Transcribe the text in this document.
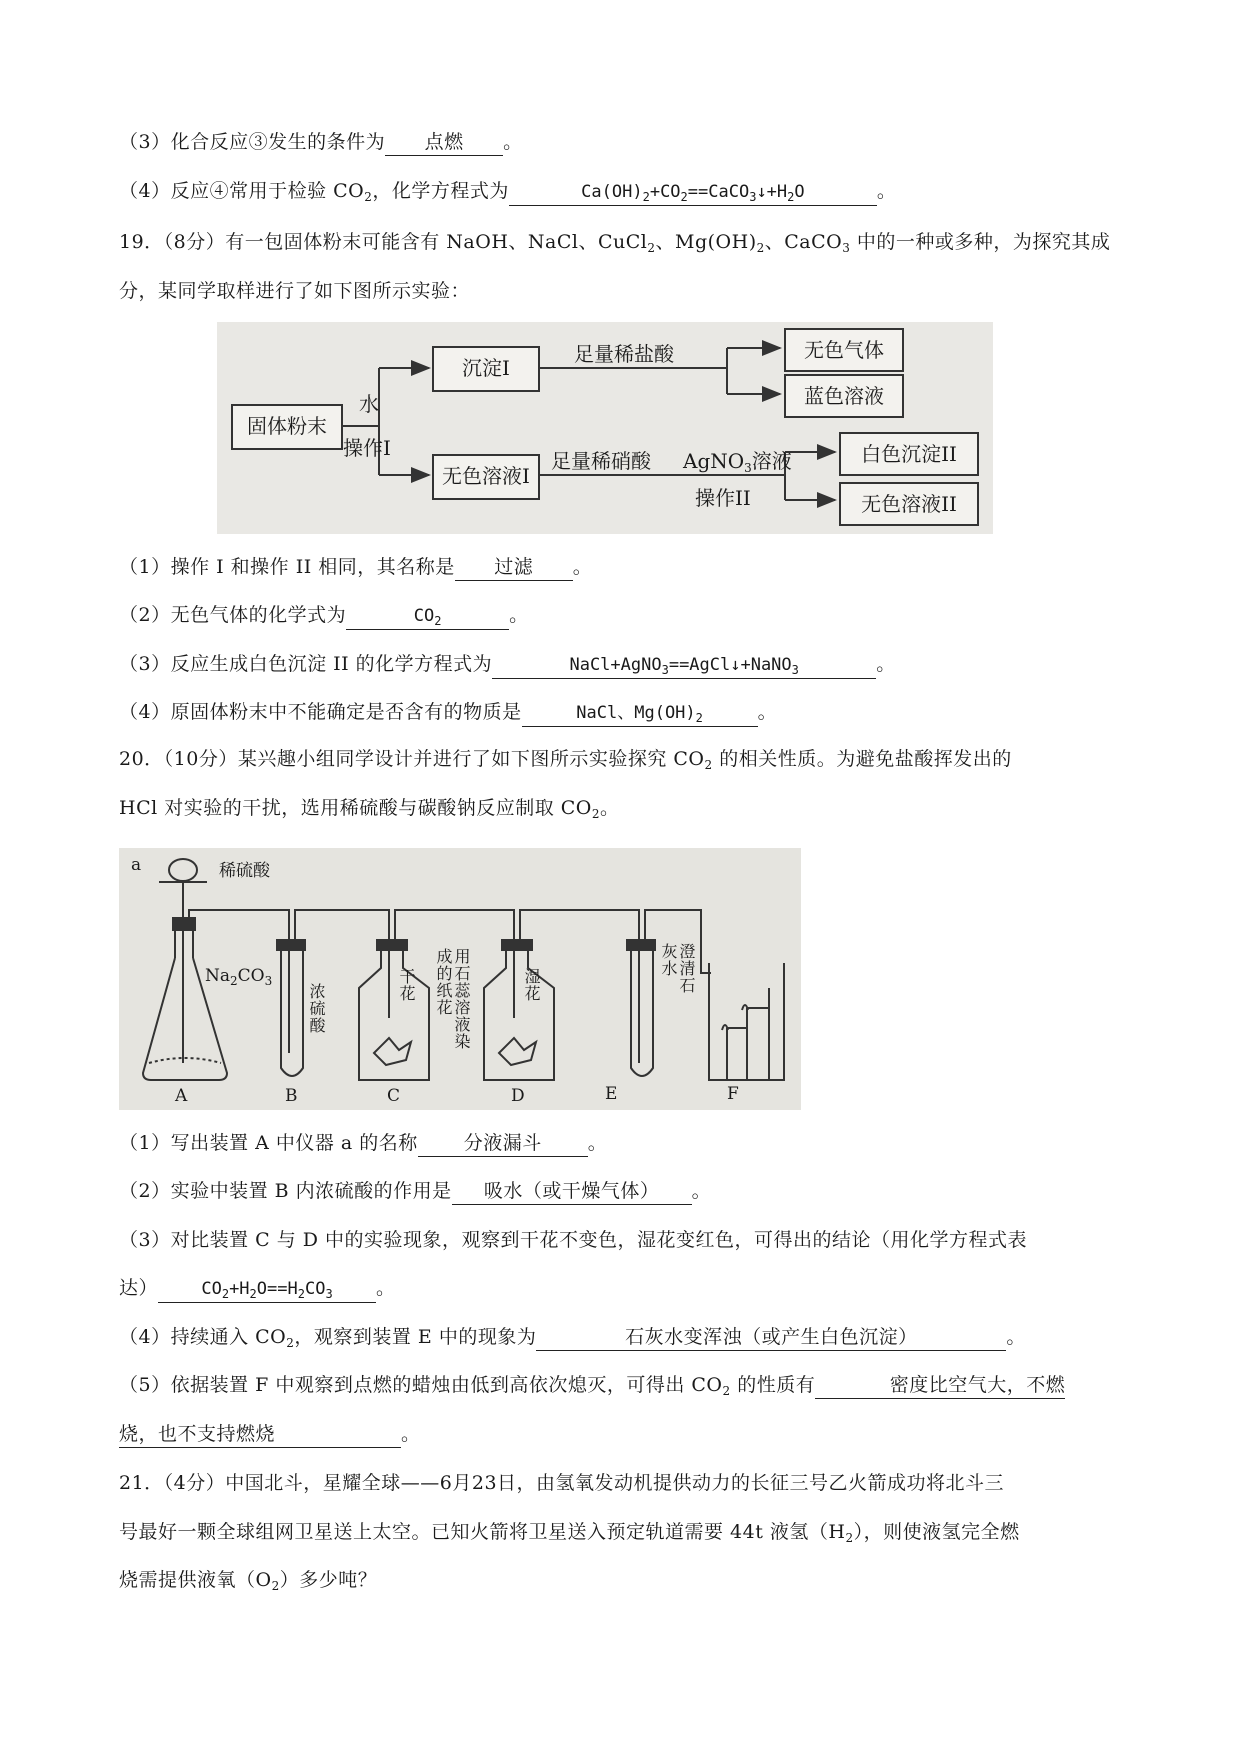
（3）化合反应③发生的条件为 点燃 。
（4）反应④常用于检验 $CO_2$，化学方程式为	$Ca(OH)_2+CO_2==CaCO_3↓+H_2O$	。
19．（8分）有一包固体粉末可能含有 NaOH、NaCl、CuCl$_2$、$Mg(OH)_2$、CaCO$_3$ 中的一种或多种，为探究其成
分，某同学取样进行了如下图所示实验：
固体粉末
水
操作I
沉淀I
足量稀盐酸	无色气体
蓝色溶液
无色溶液I
足量稀硝酸 AgNO$_3$溶液
操作II
白色沉淀II
无色溶液II
（1）操作 I 和操作 II 相同，其名称是 过滤 。
（2）无色气体的化学式为	$CO_2$	。
（3）反应生成白色沉淀 II 的化学方程式为	NaCl+AgNO$_3$==AgCl↓+NaNO$_3$	。
（4）原固体粉末中不能确定是否含有的物质是	NaCl、$Mg(OH)_2$	。
20．（10分）某兴趣小组同学设计并进行了如下图所示实验探究 $CO_2$ 的相关性质。为避免盐酸挥发出的
HCl 对实验的干扰，选用稀硫酸与碳酸钠反应制取 $CO_2$。
a	稀硫酸
$Na_2CO_3$
浓硫酸	干花	用石蕊溶液染成的纸花	湿花	澄清石灰水
A	B	C	D	E	F
（1）写出装置 A 中仪器 a 的名称 分液漏斗 。
（2）实验中装置 B 内浓硫酸的作用是 吸水（或干燥气体） 。
（3）对比装置 C 与 D 中的实验现象，观察到干花不变色，湿花变红色，可得出的结论（用化学方程式表
达）	$CO_2+H_2O==H_2CO_3$ 。
（4）持续通入 $CO_2$，观察到装置 E 中的现象为	石灰水变浑浊（或产生白色沉淀）	。
（5）依据装置 F 中观察到点燃的蜡烛由低到高依次熄灭，可得出 $CO_2$ 的性质有	密度比空气大，不燃
烧，也不支持燃烧	。
21．（4分）中国北斗，星耀全球——6月23日，由氢氧发动机提供动力的长征三号乙火箭成功将北斗三
号最好一颗全球组网卫星送上太空。已知火箭将卫星送入预定轨道需要 44t 液氢$(H_2)$，则使液氢完全燃
烧需提供液氧$(O_2)$多少吨？
